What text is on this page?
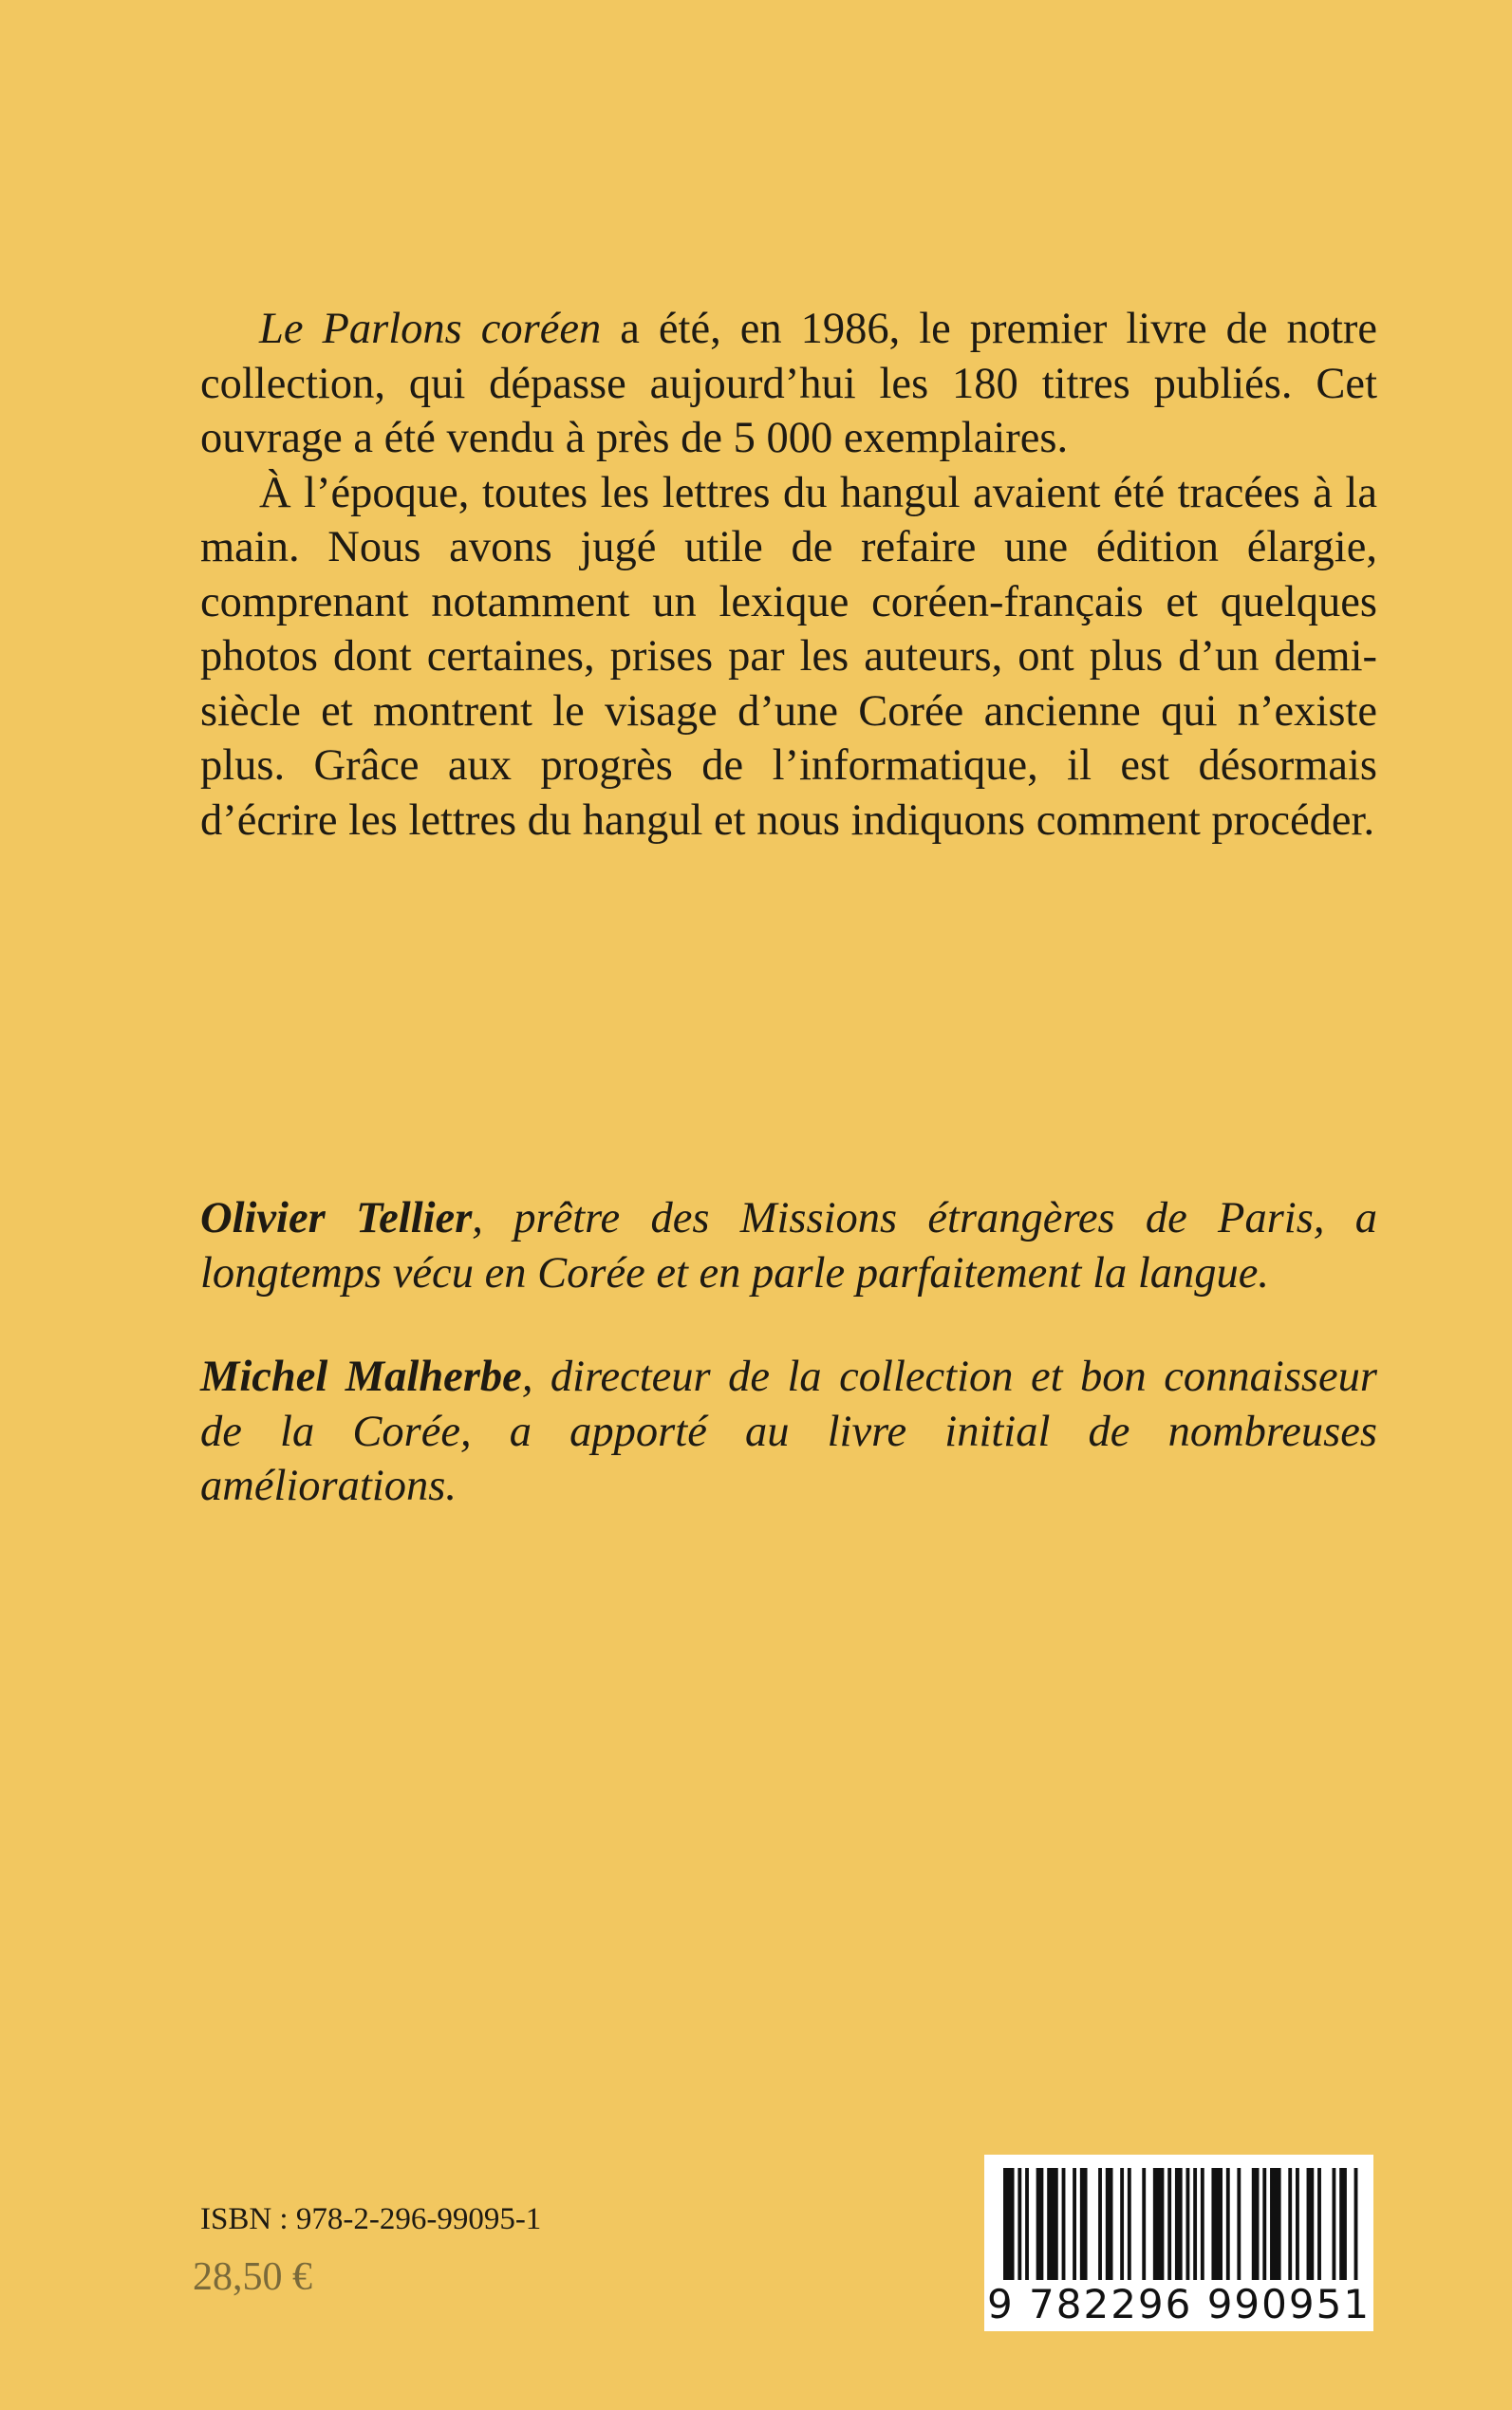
Le Parlons coréen a été, en 1986, le premier livre de notre collection, qui dépasse aujourd’hui les 180 titres publiés. Cet ouvrage a été vendu à près de 5 000 exemplaires.

À l’époque, toutes les lettres du hangul avaient été tracées à la main. Nous avons jugé utile de refaire une édition élargie, comprenant notamment un lexique coréen-français et quelques photos dont certaines, prises par les auteurs, ont plus d’un demi-siècle et montrent le visage d’une Corée ancienne qui n’existe plus. Grâce aux progrès de l’informatique, il est désormais d’écrire les lettres du hangul et nous indiquons comment procéder.

Olivier Tellier, prêtre des Missions étrangères de Paris, a longtemps vécu en Corée et en parle parfaitement la langue.

Michel Malherbe, directeur de la collection et bon connaisseur de la Corée, a apporté au livre initial de nombreuses améliorations.

ISBN : 978-2-296-99095-1
28,50 €
9 782296 990951
